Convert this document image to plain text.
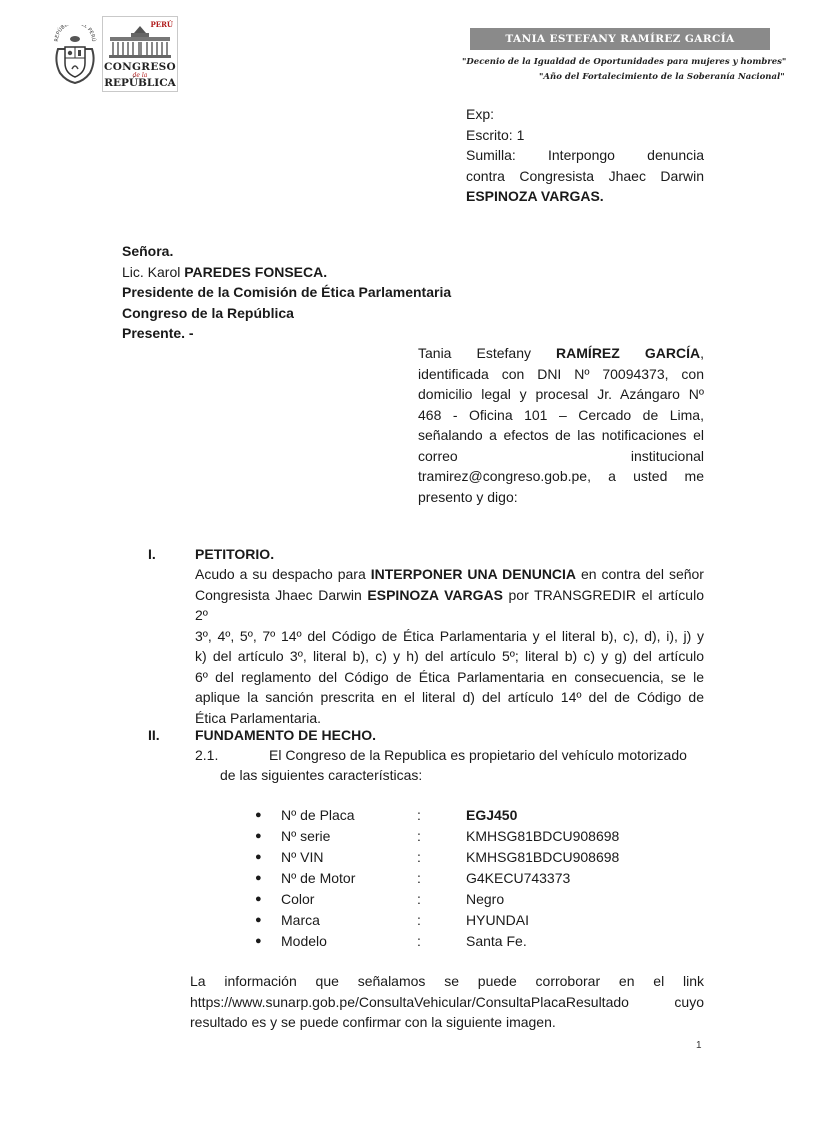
REPÚBL L PERÚ
PERÚ
CONGRESO
de la
REPÚBLICA
TANIA ESTEFANY RAMÍREZ GARCÍA
"Decenio de la Igualdad de Oportunidades para mujeres y hombres"
"Año del Fortalecimiento de la Soberanía Nacional"
Exp:
Escrito: 1
Sumilla: Interpongo denuncia
contra Congresista Jhaec Darwin
ESPINOZA VARGAS.
Señora.
Lic. Karol PAREDES FONSECA.
Presidente de la Comisión de Ética Parlamentaria
Congreso de la República
Presente. -
Tania Estefany RAMÍREZ GARCÍA,
identificada con DNI Nº 70094373, con
domicilio legal y procesal Jr. Azángaro Nº
468 - Oficina 101 – Cercado de Lima,
señalando a efectos de las notificaciones el
correo	institucional
tramirez@congreso.gob.pe, a usted me
presento y digo:
I.	PETITORIO.
Acudo a su despacho para INTERPONER UNA DENUNCIA en contra del señor
Congresista Jhaec Darwin ESPINOZA VARGAS por TRANSGREDIR el artículo 2º
3º, 4º, 5º, 7º 14º del Código de Ética Parlamentaria y el literal b), c), d), i), j) y
k) del artículo 3º, literal b), c) y h) del artículo 5º; literal b) c) y g) del artículo
6º del reglamento del Código de Ética Parlamentaria en consecuencia, se le
aplique la sanción prescrita en el literal d) del artículo 14º del de Código de
Ética Parlamentaria.
II.	FUNDAMENTO DE HECHO.
2.1.	El Congreso de la Republica es propietario del vehículo motorizado
de las siguientes características:
●	Nº de Placa	:	EGJ450
●	Nº serie	:	KMHSG81BDCU908698
●	Nº VIN	:	KMHSG81BDCU908698
●	Nº de Motor	:	G4KECU743373
●	Color	:	Negro
●	Marca	:	HYUNDAI
●	Modelo	:	Santa Fe.
La información que señalamos se puede corroborar en el link
https://www.sunarp.gob.pe/ConsultaVehicular/ConsultaPlacaResultado cuyo
resultado es y se puede confirmar con la siguiente imagen.
1
